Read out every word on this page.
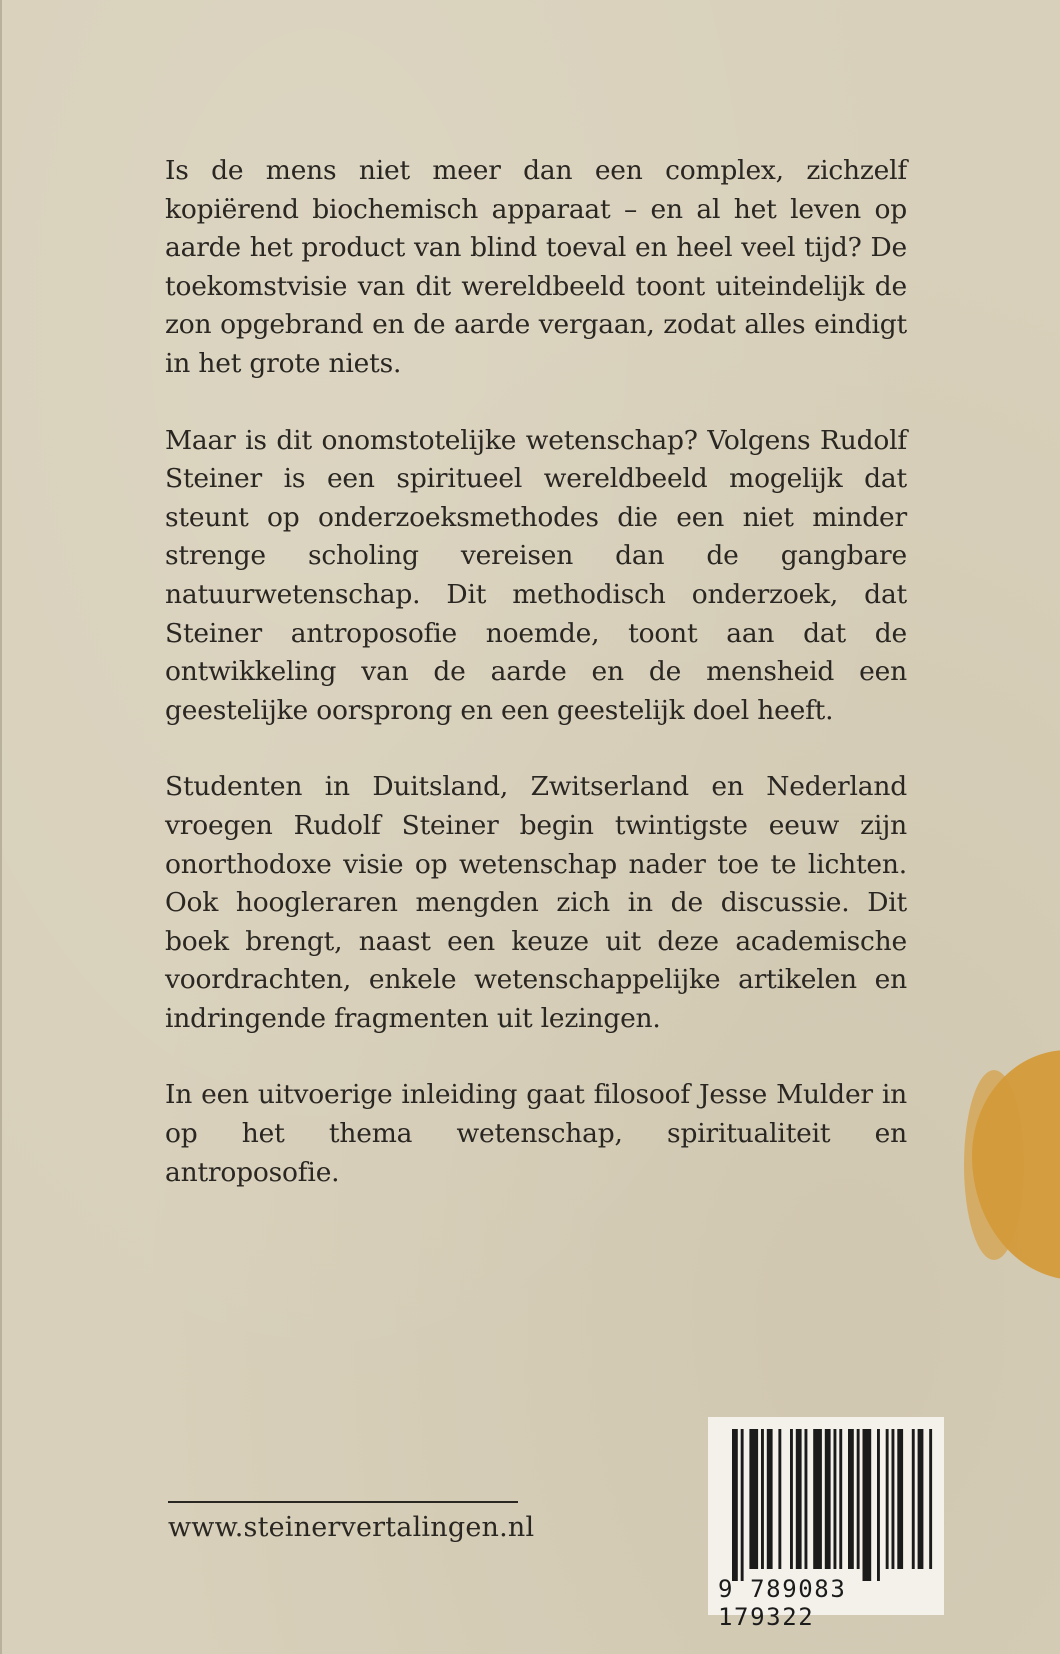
Is de mens niet meer dan een complex, zichzelf kopiërend biochemisch apparaat – en al het leven op aarde het product van blind toeval en heel veel tijd? De toekomstvisie van dit wereldbeeld toont uiteindelijk de zon opgebrand en de aarde vergaan, zodat alles eindigt in het grote niets.

Maar is dit onomstotelijke wetenschap? Volgens Rudolf Steiner is een spiritueel wereldbeeld mogelijk dat steunt op onderzoeksmethodes die een niet minder strenge scholing vereisen dan de gangbare natuurwetenschap. Dit methodisch onderzoek, dat Steiner antroposofie noemde, toont aan dat de ontwikkeling van de aarde en de mensheid een geestelijke oorsprong en een geestelijk doel heeft.

Studenten in Duitsland, Zwitserland en Nederland vroegen Rudolf Steiner begin twintigste eeuw zijn onorthodoxe visie op wetenschap nader toe te lichten. Ook hoogleraren mengden zich in de discussie. Dit boek brengt, naast een keuze uit deze academische voordrachten, enkele wetenschappelijke artikelen en indringende fragmenten uit lezingen.

In een uitvoerige inleiding gaat filosoof Jesse Mulder in op het thema wetenschap, spiritualiteit en antroposofie.

www.steinervertalingen.nl
9 789083 179322
